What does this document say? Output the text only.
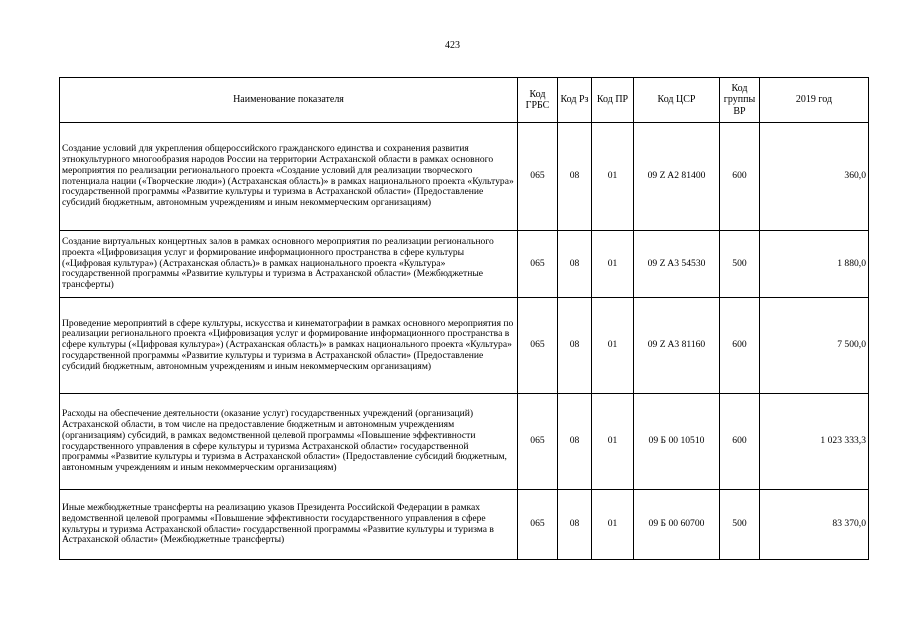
423
Наименование показателя	Код ГРБС	Код Рз	Код ПР	Код ЦСР	Код группы ВР	2019 год
Создание условий для укрепления общероссийского гражданского единства и сохранения развития этнокультурного многообразия народов России на территории Астраханской области в рамках основного мероприятия по реализации регионального проекта «Создание условий для реализации творческого потенциала нации («Творческие люди») (Астраханская область)» в рамках национального проекта «Культура» государственной программы «Развитие культуры и туризма в Астраханской области» (Предоставление субсидий бюджетным, автономным учреждениям и иным некоммерческим организациям)	065	08	01	09 Z A2 81400	600	360,0
Создание виртуальных концертных залов в рамках основного мероприятия по реализации регионального проекта «Цифровизация услуг и формирование информационного пространства в сфере культуры («Цифровая культура») (Астраханская область)» в рамках национального проекта «Культура» государственной программы «Развитие культуры и туризма в Астраханской области» (Межбюджетные трансферты)	065	08	01	09 Z A3 54530	500	1 880,0
Проведение мероприятий в сфере культуры, искусства и кинематографии в рамках основного мероприятия по реализации регионального проекта «Цифровизация услуг и формирование информационного пространства в сфере культуры («Цифровая культура») (Астраханская область)» в рамках национального проекта «Культура» государственной программы «Развитие культуры и туризма в Астраханской области» (Предоставление субсидий бюджетным, автономным учреждениям и иным некоммерческим организациям)	065	08	01	09 Z A3 81160	600	7 500,0
Расходы на обеспечение деятельности (оказание услуг) государственных учреждений (организаций) Астраханской области, в том числе на предоставление бюджетным и автономным учреждениям (организациям) субсидий, в рамках ведомственной целевой программы «Повышение эффективности государственного управления в сфере культуры и туризма Астраханской области» государственной программы «Развитие культуры и туризма в Астраханской области» (Предоставление субсидий бюджетным, автономным учреждениям и иным некоммерческим организациям)	065	08	01	09 Б 00 10510	600	1 023 333,3
Иные межбюджетные трансферты на реализацию указов Президента Российской Федерации в рамках ведомственной целевой программы «Повышение эффективности государственного управления в сфере культуры и туризма Астраханской области» государственной программы «Развитие культуры и туризма в Астраханской области» (Межбюджетные трансферты)	065	08	01	09 Б 00 60700	500	83 370,0
